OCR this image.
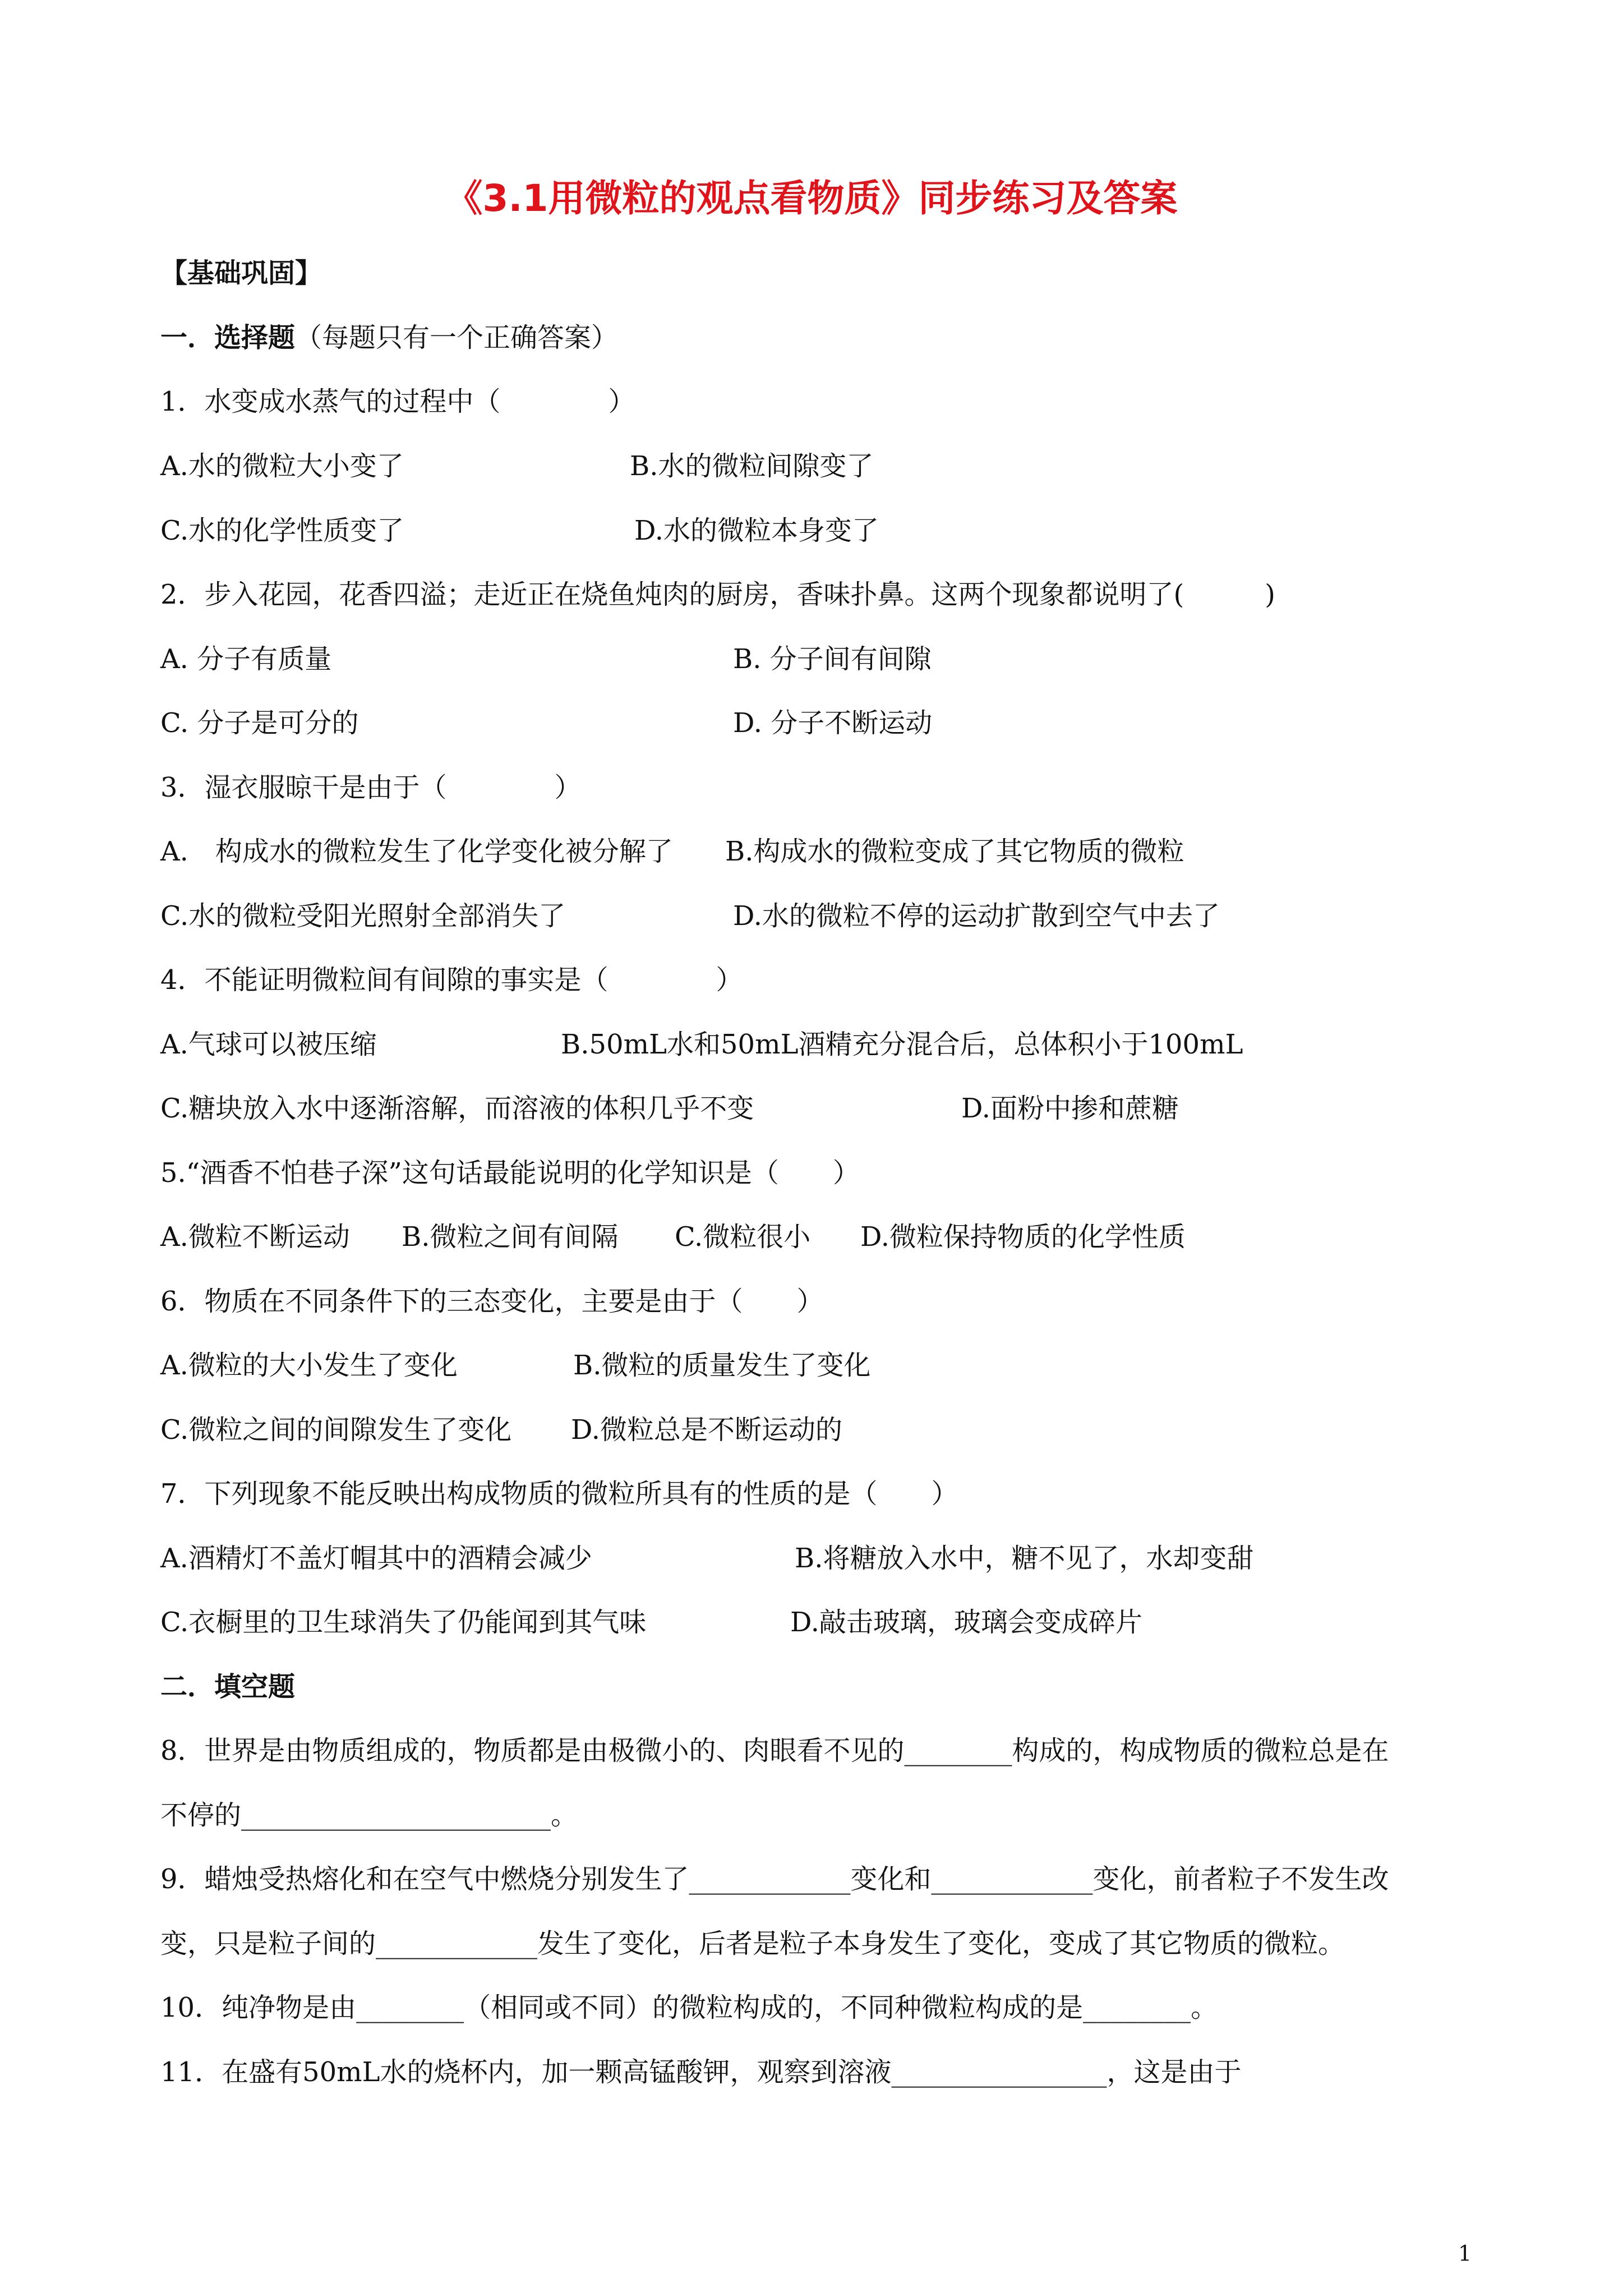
《3.1用微粒的观点看物质》同步练习及答案
【基础巩固】
一．选择题（每题只有一个正确答案）
1．水变成水蒸气的过程中（　　　　）
A.水的微粒大小变了	B.水的微粒间隙变了
C.水的化学性质变了	D.水的微粒本身变了
2．步入花园，花香四溢；走近正在烧鱼炖肉的厨房，香味扑鼻。这两个现象都说明了(　　　)
A. 分子有质量	B. 分子间有间隙
C. 分子是可分的	D. 分子不断运动
3．湿衣服晾干是由于（　　　　）
A.　构成水的微粒发生了化学变化被分解了 B.构成水的微粒变成了其它物质的微粒
C.水的微粒受阳光照射全部消失了	D.水的微粒不停的运动扩散到空气中去了
4．不能证明微粒间有间隙的事实是（　　　　）
A.气球可以被压缩	B.50mL水和50mL酒精充分混合后，总体积小于100mL
C.糖块放入水中逐渐溶解，而溶液的体积几乎不变	D.面粉中掺和蔗糖
5.“酒香不怕巷子深”这句话最能说明的化学知识是（　　）
A.微粒不断运动 B.微粒之间有间隔 C.微粒很小 D.微粒保持物质的化学性质
6．物质在不同条件下的三态变化，主要是由于（　　）
A.微粒的大小发生了变化	B.微粒的质量发生了变化
C.微粒之间的间隙发生了变化 D.微粒总是不断运动的
7．下列现象不能反映出构成物质的微粒所具有的性质的是（　　）
A.酒精灯不盖灯帽其中的酒精会减少	B.将糖放入水中，糖不见了，水却变甜
C.衣橱里的卫生球消失了仍能闻到其气味	D.敲击玻璃，玻璃会变成碎片
二．填空题
8．世界是由物质组成的，物质都是由极微小的、肉眼看不见的________构成的，构成物质的微粒总是在
不停的_______________________。
9．蜡烛受热熔化和在空气中燃烧分别发生了____________变化和____________变化，前者粒子不发生改
变，只是粒子间的____________发生了变化，后者是粒子本身发生了变化，变成了其它物质的微粒。
10．纯净物是由________（相同或不同）的微粒构成的，不同种微粒构成的是________。
11．在盛有50mL水的烧杯内，加一颗高锰酸钾，观察到溶液________________，这是由于
1
